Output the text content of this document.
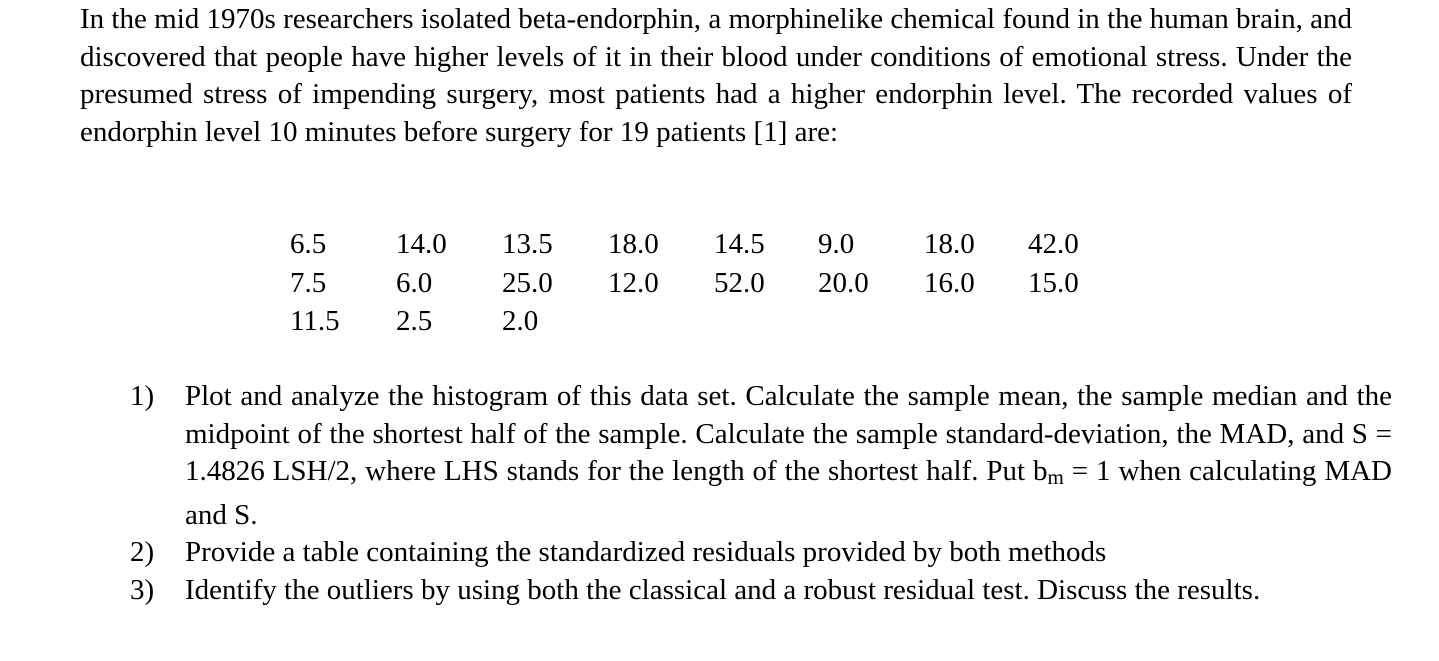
In the mid 1970s researchers isolated beta-endorphin, a morphinelike chemical found in the human brain, and discovered that people have higher levels of it in their blood under conditions of emotional stress. Under the presumed stress of impending surgery, most patients had a higher endorphin level. The recorded values of endorphin level 10 minutes before surgery for 19 patients [1] are:

6.5	14.0	13.5	18.0	14.5	9.0	18.0	42.0
7.5	6.0	25.0	12.0	52.0	20.0	16.0	15.0
11.5	2.5	2.0					
1)	Plot and analyze the histogram of this data set. Calculate the sample mean, the sample median and the midpoint of the shortest half of the sample. Calculate the sample standard-deviation, the MAD, and S = 1.4826 LSH/2, where LHS stands for the length of the shortest half. Put bm = 1 when calculating MAD and S.
2)	Provide a table containing the standardized residuals provided by both methods
3)	Identify the outliers by using both the classical and a robust residual test. Discuss the results.
